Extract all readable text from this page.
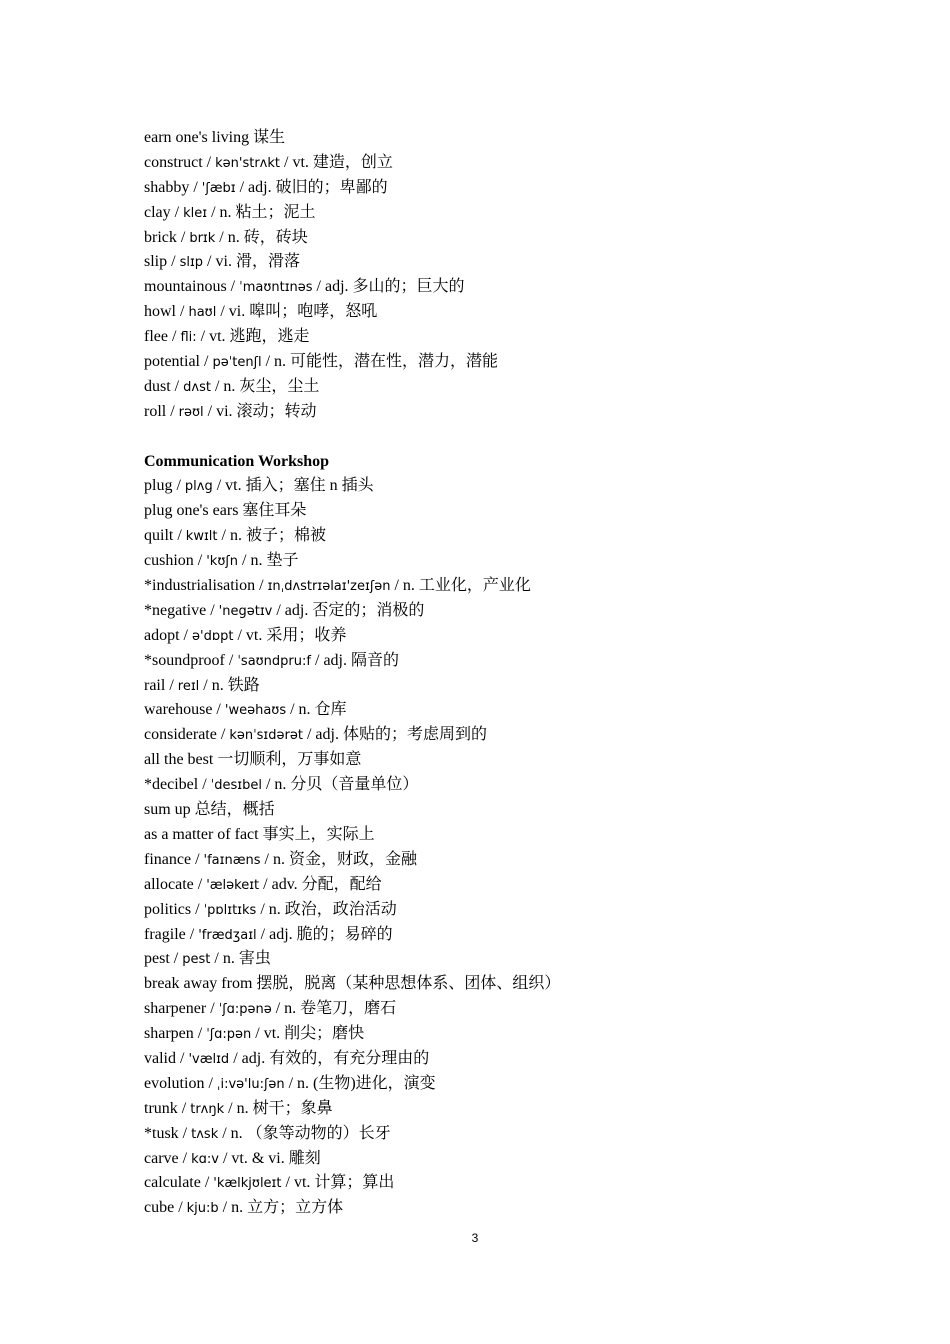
earn one's living 谋生
construct / kən'strʌkt / vt. 建造，创立
shabby / 'ʃæbɪ / adj. 破旧的；卑鄙的
clay / kleɪ / n. 粘土；泥土
brick / brɪk / n. 砖，砖块
slip / slɪp / vi. 滑，滑落
mountainous / ˈmaʊntɪnəs / adj. 多山的；巨大的
howl / haʊl / vi. 嗥叫；咆哮，怒吼
flee / fli: / vt. 逃跑，逃走
potential / pəˈtenʃl / n. 可能性，潜在性，潜力，潜能
dust / dʌst / n. 灰尘，尘土
roll / rəʊl / vi. 滚动；转动
Communication Workshop
plug / plʌg / vt. 插入；塞住 n 插头
plug one's ears 塞住耳朵
quilt / kwɪlt / n. 被子；棉被
cushion / 'kʊʃn / n. 垫子
*industrialisation / ɪnˌdʌstrɪəlaɪ'zeɪʃən / n. 工业化，产业化
*negative / 'negətɪv / adj. 否定的；消极的
adopt / ə'dɒpt / vt. 采用；收养
*soundproof / ˈsaʊndpru:f / adj. 隔音的
rail / reɪl / n. 铁路
warehouse / 'weəhaʊs / n. 仓库
considerate / kənˈsɪdərət / adj. 体贴的；考虑周到的
all the best 一切顺利，万事如意
*decibel / ˈdesɪbel / n. 分贝（音量单位）
sum up 总结，概括
as a matter of fact 事实上，实际上
finance / 'faɪnæns / n. 资金，财政，金融
allocate / 'æləkeɪt / adv. 分配，配给
politics / ˈpɒlɪtɪks / n. 政治，政治活动
fragile / 'frædʒaɪl / adj. 脆的；易碎的
pest / pest / n. 害虫
break away from 摆脱，脱离（某种思想体系、团体、组织）
sharpener / ˈʃɑ:pənə / n. 卷笔刀，磨石
sharpen / ˈʃɑ:pən / vt. 削尖；磨快
valid / 'vælɪd / adj. 有效的，有充分理由的
evolution / ˌi:və'lu:ʃən / n. (生物)进化，演变
trunk / trʌŋk / n. 树干；象鼻
*tusk / tʌsk / n. （象等动物的）长牙
carve / kɑ:v / vt. & vi. 雕刻
calculate / 'kælkjʊleɪt / vt. 计算；算出
cube / kju:b / n. 立方；立方体
3
